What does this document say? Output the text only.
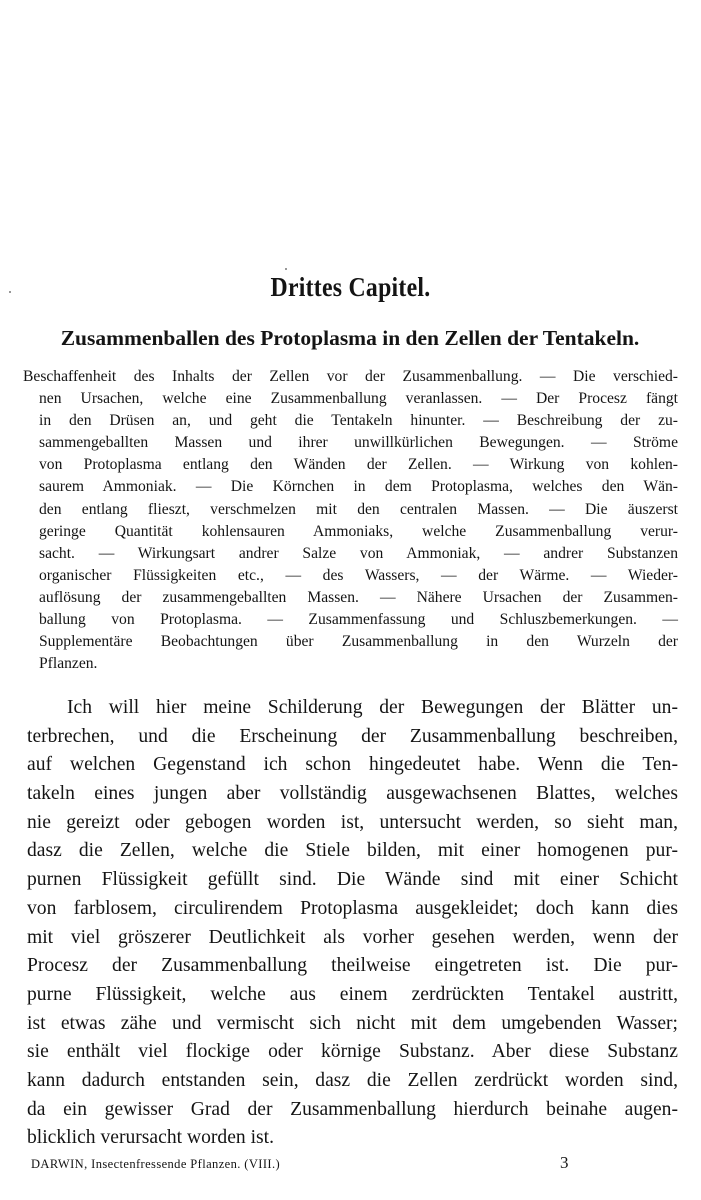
Drittes Capitel.
Zusammenballen des Protoplasma in den Zellen der Tentakeln.
Beschaffenheit des Inhalts der Zellen vor der Zusammenballung. — Die verschied-
nen Ursachen, welche eine Zusammenballung veranlassen. — Der Procesz fängt
in den Drüsen an, und geht die Tentakeln hinunter. — Beschreibung der zu-
sammengeballten Massen und ihrer unwillkürlichen Bewegungen. — Ströme
von Protoplasma entlang den Wänden der Zellen. — Wirkung von kohlen-
saurem Ammoniak. — Die Körnchen in dem Protoplasma, welches den Wän-
den entlang flieszt, verschmelzen mit den centralen Massen. — Die äuszerst
geringe Quantität kohlensauren Ammoniaks, welche Zusammenballung verur-
sacht. — Wirkungsart andrer Salze von Ammoniak, — andrer Substanzen
organischer Flüssigkeiten etc., — des Wassers, — der Wärme. — Wieder-
auflösung der zusammengeballten Massen. — Nähere Ursachen der Zusammen-
ballung von Protoplasma. — Zusammenfassung und Schluszbemerkungen. —
Supplementäre Beobachtungen über Zusammenballung in den Wurzeln der
Pflanzen.
Ich will hier meine Schilderung der Bewegungen der Blätter un-
terbrechen, und die Erscheinung der Zusammenballung beschreiben,
auf welchen Gegenstand ich schon hingedeutet habe. Wenn die Ten-
takeln eines jungen aber vollständig ausgewachsenen Blattes, welches
nie gereizt oder gebogen worden ist, untersucht werden, so sieht man,
dasz die Zellen, welche die Stiele bilden, mit einer homogenen pur-
purnen Flüssigkeit gefüllt sind. Die Wände sind mit einer Schicht
von farblosem, circulirendem Protoplasma ausgekleidet; doch kann dies
mit viel gröszerer Deutlichkeit als vorher gesehen werden, wenn der
Procesz der Zusammenballung theilweise eingetreten ist. Die pur-
purne Flüssigkeit, welche aus einem zerdrückten Tentakel austritt,
ist etwas zähe und vermischt sich nicht mit dem umgebenden Wasser;
sie enthält viel flockige oder körnige Substanz. Aber diese Substanz
kann dadurch entstanden sein, dasz die Zellen zerdrückt worden sind,
da ein gewisser Grad der Zusammenballung hierdurch beinahe augen-
blicklich verursacht worden ist.

DARWIN, Insectenfressende Pflanzen. (VIII.)	3
